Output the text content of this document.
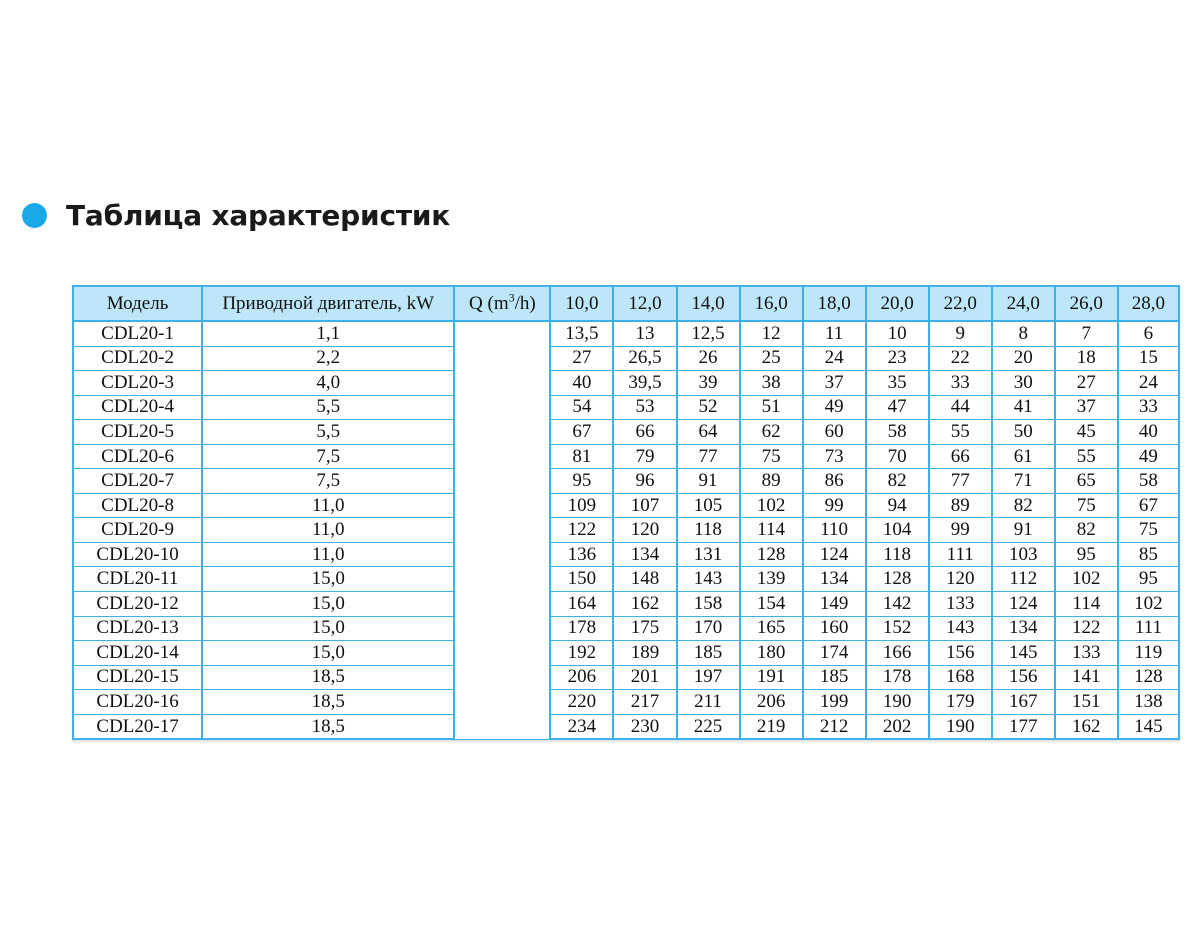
Таблица характеристик
Модель	Приводной двигатель, kW	Q $(m^3/h)$	10,0	12,0	14,0	16,0	18,0	20,0	22,0	24,0	26,0	28,0
CDL20-1	1,1		13,5	13	12,5	12	11	10	9	8	7	6
CDL20-2	2,2		27	26,5	26	25	24	23	22	20	18	15
CDL20-3	4,0		40	39,5	39	38	37	35	33	30	27	24
CDL20-4	5,5		54	53	52	51	49	47	44	41	37	33
CDL20-5	5,5		67	66	64	62	60	58	55	50	45	40
CDL20-6	7,5		81	79	77	75	73	70	66	61	55	49
CDL20-7	7,5		95	96	91	89	86	82	77	71	65	58
CDL20-8	11,0		109	107	105	102	99	94	89	82	75	67
CDL20-9	11,0		122	120	118	114	110	104	99	91	82	75
CDL20-10	11,0		136	134	131	128	124	118	111	103	95	85
CDL20-11	15,0		150	148	143	139	134	128	120	112	102	95
CDL20-12	15,0		164	162	158	154	149	142	133	124	114	102
CDL20-13	15,0		178	175	170	165	160	152	143	134	122	111
CDL20-14	15,0		192	189	185	180	174	166	156	145	133	119
CDL20-15	18,5		206	201	197	191	185	178	168	156	141	128
CDL20-16	18,5		220	217	211	206	199	190	179	167	151	138
CDL20-17	18,5		234	230	225	219	212	202	190	177	162	145
